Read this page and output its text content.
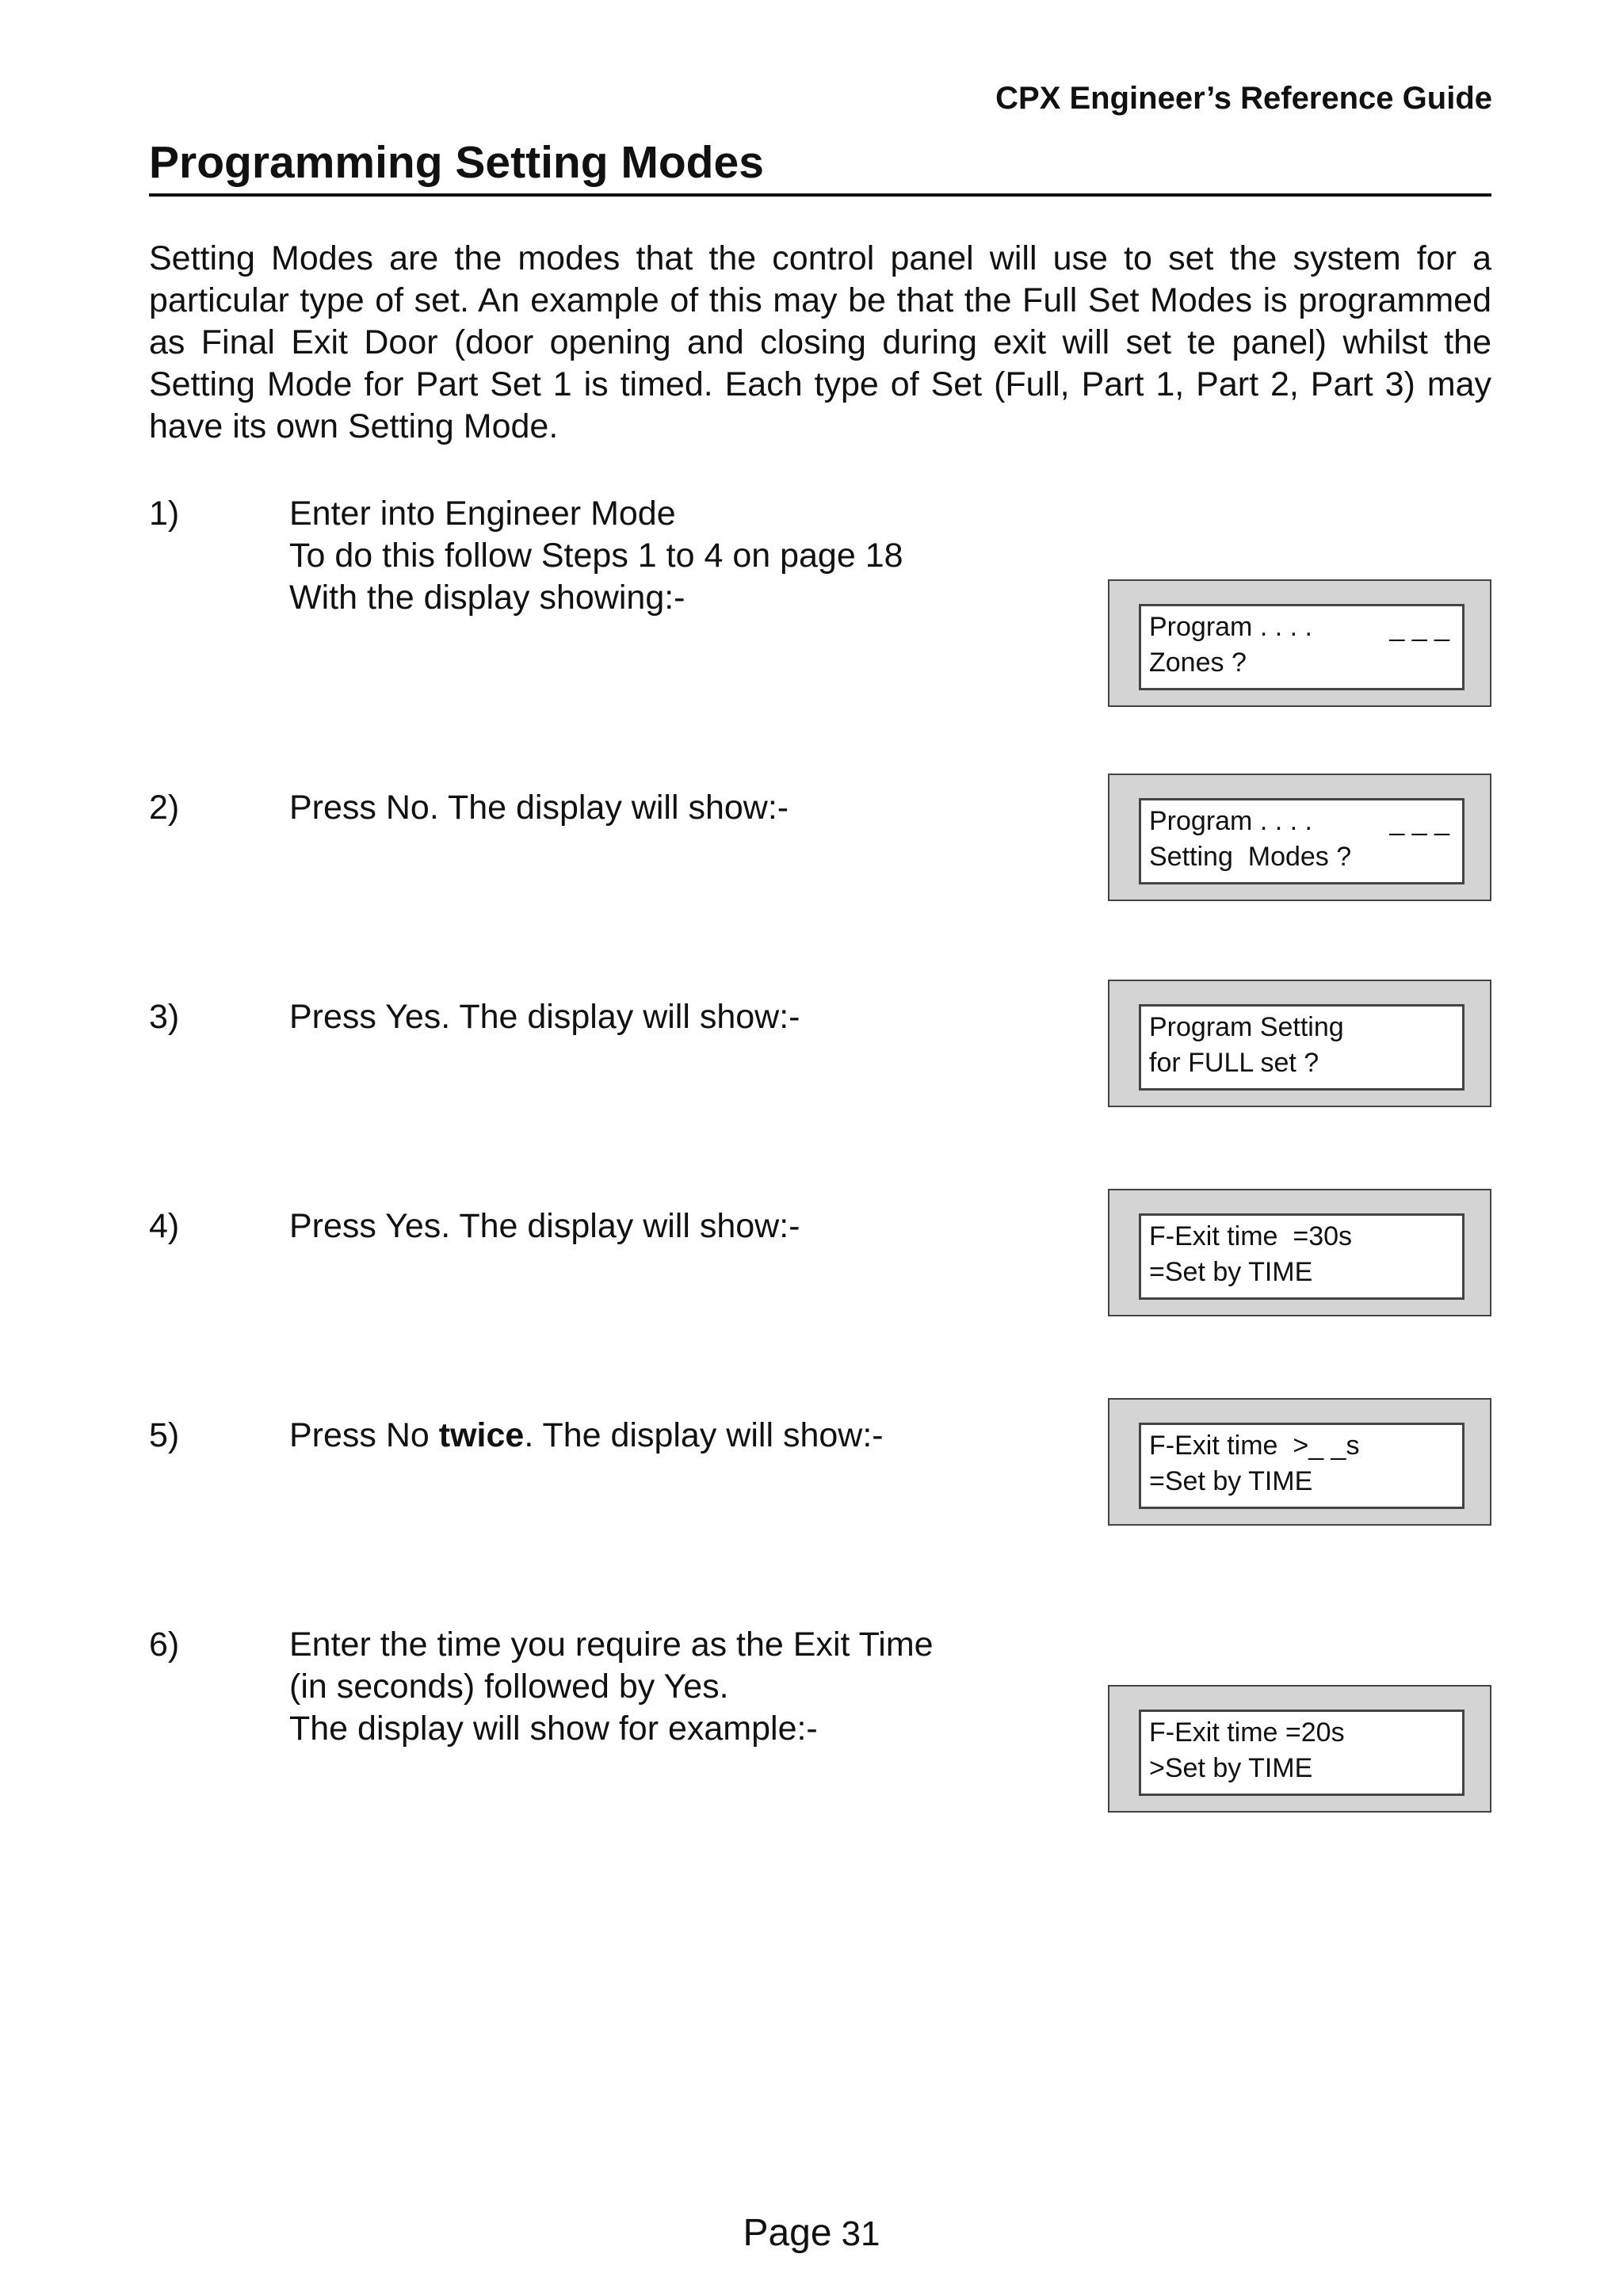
CPX Engineer’s Reference Guide
Programming Setting Modes
Setting Modes are the modes that the control panel will use to set the system for a particular type of set. An example of this may be that the Full Set Modes is programmed as Final Exit Door (door opening and closing during exit will set te panel) whilst the Setting Mode for Part Set 1 is timed. Each type of Set (Full, Part 1, Part 2, Part 3) may have its own Setting Mode.
1)	Enter into Engineer Mode
To do this follow Steps 1 to 4 on page 18
With the display showing:-
Program . . . .
Zones ?
_ _ _
2)	Press No. The display will show:-	Program . . . .
Setting  Modes ?
_ _ _
3)	Press Yes. The display will show:-	Program Setting
for FULL set ?
4)	Press Yes. The display will show:-	F-Exit time  =30s
=Set by TIME
5)	Press No twice. The display will show:-	F-Exit time  >_ _s
=Set by TIME
6)	Enter the time you require as the Exit Time
(in seconds) followed by Yes.
The display will show for example:-	F-Exit time =20s
>Set by TIME
Page 31
